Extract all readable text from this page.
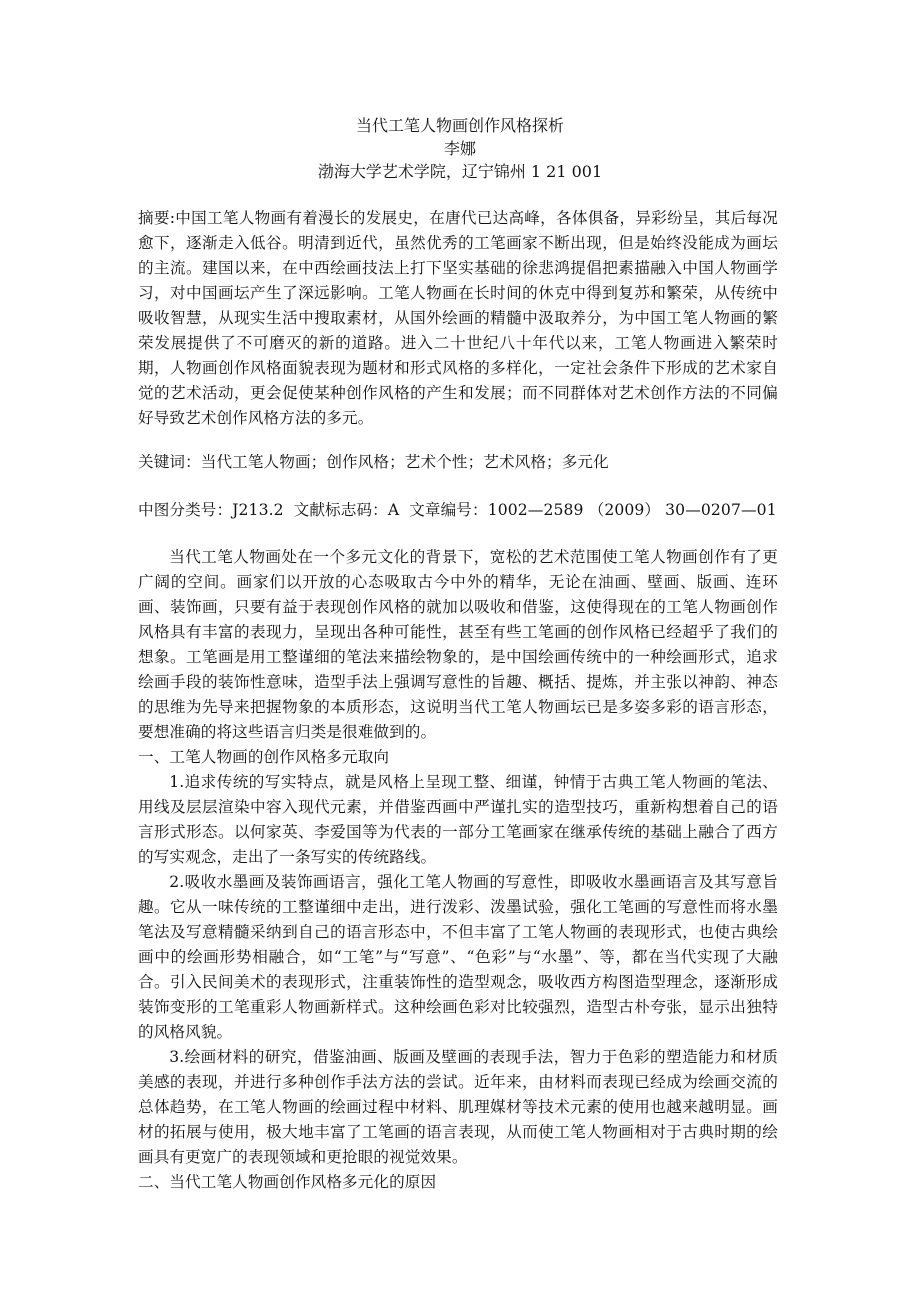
当代工笔人物画创作风格探析
李娜
渤海大学艺术学院，辽宁锦州 1 21 001

摘要:中国工笔人物画有着漫长的发展史，在唐代已达高峰，各体俱备，异彩纷呈，其后每况愈下，逐渐走入低谷。明清到近代，虽然优秀的工笔画家不断出现，但是始终没能成为画坛的主流。建国以来，在中西绘画技法上打下坚实基础的徐悲鸿提倡把素描融入中国人物画学习，对中国画坛产生了深远影响。工笔人物画在长时间的休克中得到复苏和繁荣，从传统中吸收智慧，从现实生活中搜取素材，从国外绘画的精髓中汲取养分，为中国工笔人物画的繁荣发展提供了不可磨灭的新的道路。进入二十世纪八十年代以来，工笔人物画进入繁荣时期，人物画创作风格面貌表现为题材和形式风格的多样化，一定社会条件下形成的艺术家自觉的艺术活动，更会促使某种创作风格的产生和发展；而不同群体对艺术创作方法的不同偏好导致艺术创作风格方法的多元。

关键词：当代工笔人物画；创作风格；艺术个性；艺术风格；多元化

中图分类号：J213.2 文献标志码：A 文章编号：1002—2589 （2009） 30—0207—01

当代工笔人物画处在一个多元文化的背景下，宽松的艺术范围使工笔人物画创作有了更广阔的空间。画家们以开放的心态吸取古今中外的精华，无论在油画、壁画、版画、连环画、装饰画，只要有益于表现创作风格的就加以吸收和借鉴，这使得现在的工笔人物画创作风格具有丰富的表现力，呈现出各种可能性，甚至有些工笔画的创作风格已经超乎了我们的想象。工笔画是用工整谨细的笔法来描绘物象的，是中国绘画传统中的一种绘画形式，追求绘画手段的装饰性意味，造型手法上强调写意性的旨趣、概括、提炼，并主张以神韵、神态的思维为先导来把握物象的本质形态，这说明当代工笔人物画坛已是多姿多彩的语言形态，要想准确的将这些语言归类是很难做到的。

一、工笔人物画的创作风格多元取向

1.追求传统的写实特点，就是风格上呈现工整、细谨，钟情于古典工笔人物画的笔法、用线及层层渲染中容入现代元素，并借鉴西画中严谨扎实的造型技巧，重新构想着自己的语言形式形态。以何家英、李爱国等为代表的一部分工笔画家在继承传统的基础上融合了西方的写实观念，走出了一条写实的传统路线。

2.吸收水墨画及装饰画语言，强化工笔人物画的写意性，即吸收水墨画语言及其写意旨趣。它从一味传统的工整谨细中走出，进行泼彩、泼墨试验，强化工笔画的写意性而将水墨笔法及写意精髓采纳到自己的语言形态中，不但丰富了工笔人物画的表现形式，也使古典绘画中的绘画形势相融合，如“工笔”与“写意”、“色彩”与“水墨”、等，都在当代实现了大融合。引入民间美术的表现形式，注重装饰性的造型观念，吸收西方构图造型理念，逐渐形成装饰变形的工笔重彩人物画新样式。这种绘画色彩对比较强烈，造型古朴夸张，显示出独特的风格风貌。

3.绘画材料的研究，借鉴油画、版画及壁画的表现手法，智力于色彩的塑造能力和材质美感的表现，并进行多种创作手法方法的尝试。近年来，由材料而表现已经成为绘画交流的总体趋势，在工笔人物画的绘画过程中材料、肌理媒材等技术元素的使用也越来越明显。画材的拓展与使用，极大地丰富了工笔画的语言表现，从而使工笔人物画相对于古典时期的绘画具有更宽广的表现领域和更抢眼的视觉效果。

二、当代工笔人物画创作风格多元化的原因
